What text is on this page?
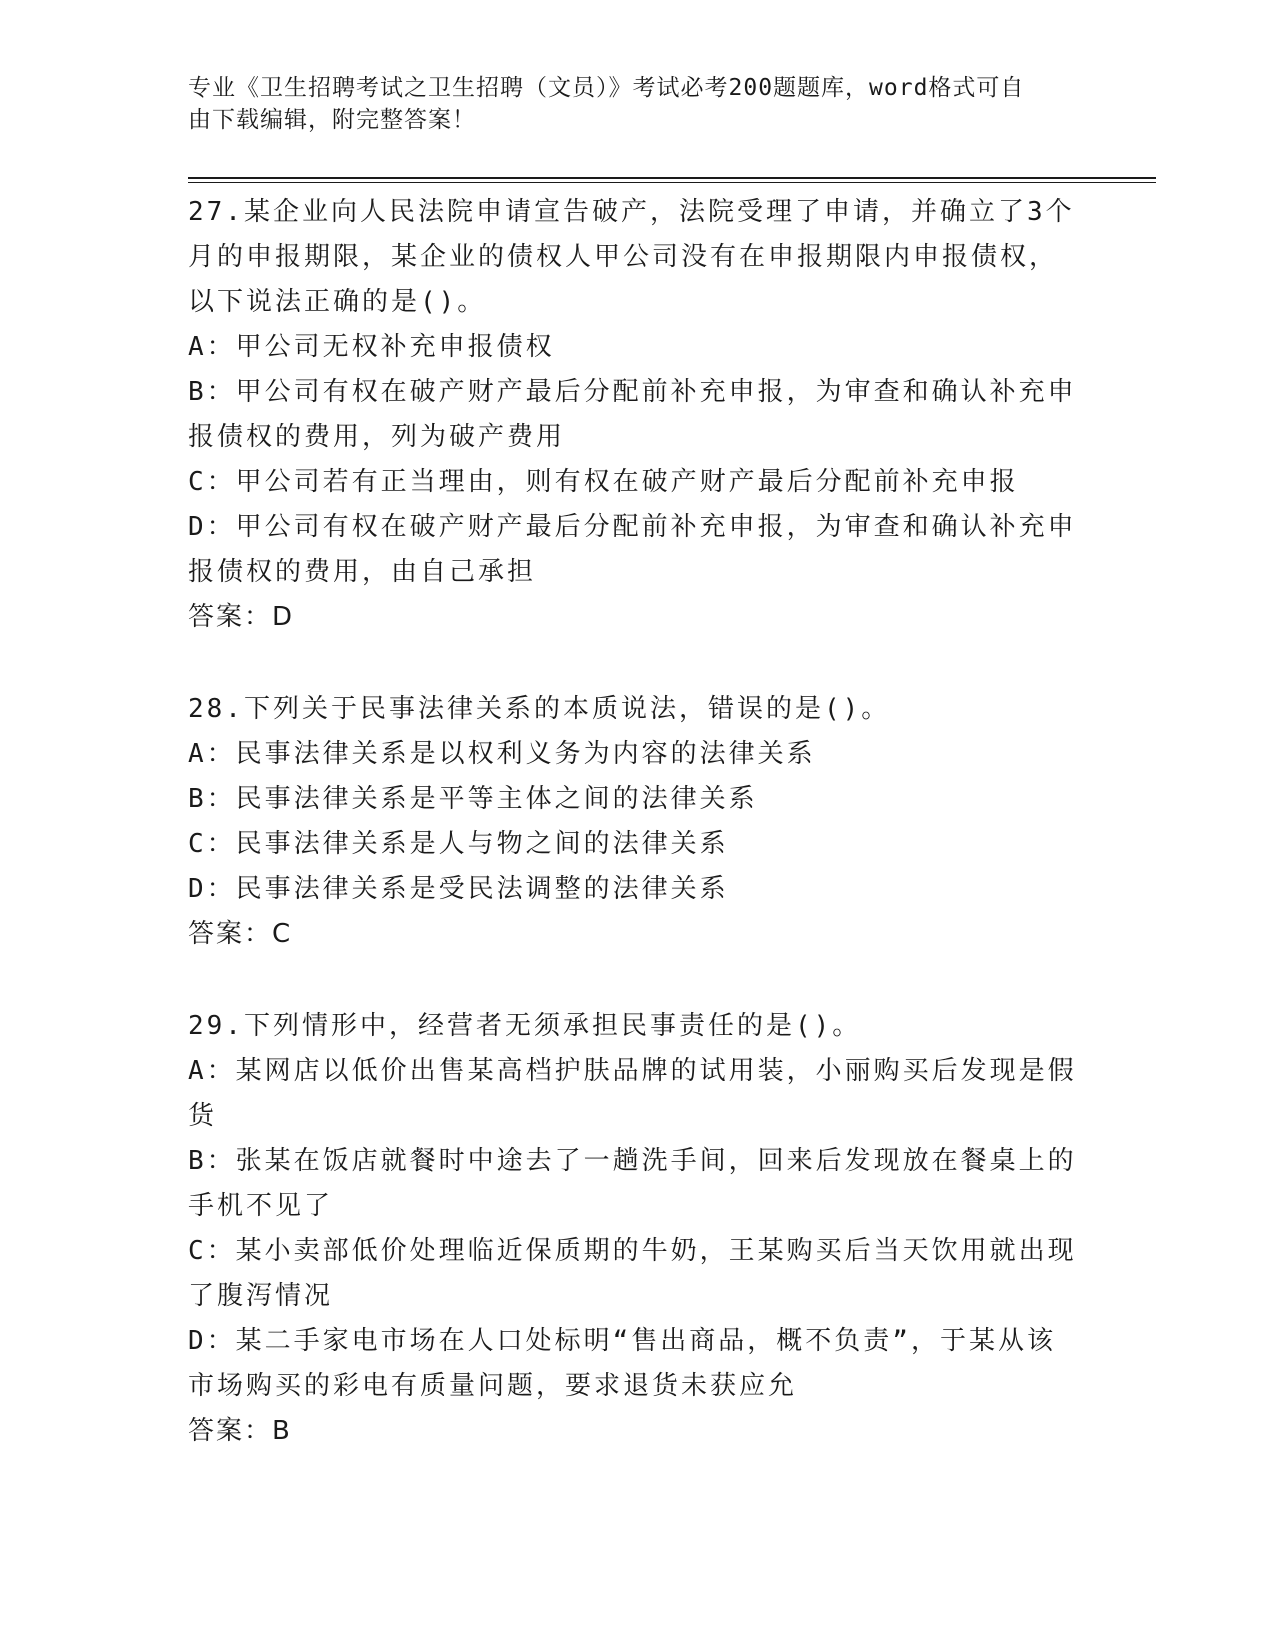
专业《卫生招聘考试之卫生招聘（文员）》考试必考200题题库，word格式可自
由下载编辑，附完整答案！
27.某企业向人民法院申请宣告破产，法院受理了申请，并确立了3个
月的申报期限，某企业的债权人甲公司没有在申报期限内申报债权，
以下说法正确的是()。
A：甲公司无权补充申报债权
B：甲公司有权在破产财产最后分配前补充申报，为审查和确认补充申
报债权的费用，列为破产费用
C：甲公司若有正当理由，则有权在破产财产最后分配前补充申报
D：甲公司有权在破产财产最后分配前补充申报，为审查和确认补充申
报债权的费用，由自己承担
答案：D
28.下列关于民事法律关系的本质说法，错误的是()。
A：民事法律关系是以权利义务为内容的法律关系
B：民事法律关系是平等主体之间的法律关系
C：民事法律关系是人与物之间的法律关系
D：民事法律关系是受民法调整的法律关系
答案：C
29.下列情形中，经营者无须承担民事责任的是()。
A：某网店以低价出售某高档护肤品牌的试用装，小丽购买后发现是假
货
B：张某在饭店就餐时中途去了一趟洗手间，回来后发现放在餐桌上的
手机不见了
C：某小卖部低价处理临近保质期的牛奶，王某购买后当天饮用就出现
了腹泻情况
D：某二手家电市场在人口处标明“售出商品，概不负责”，于某从该
市场购买的彩电有质量问题，要求退货未获应允
答案：B
